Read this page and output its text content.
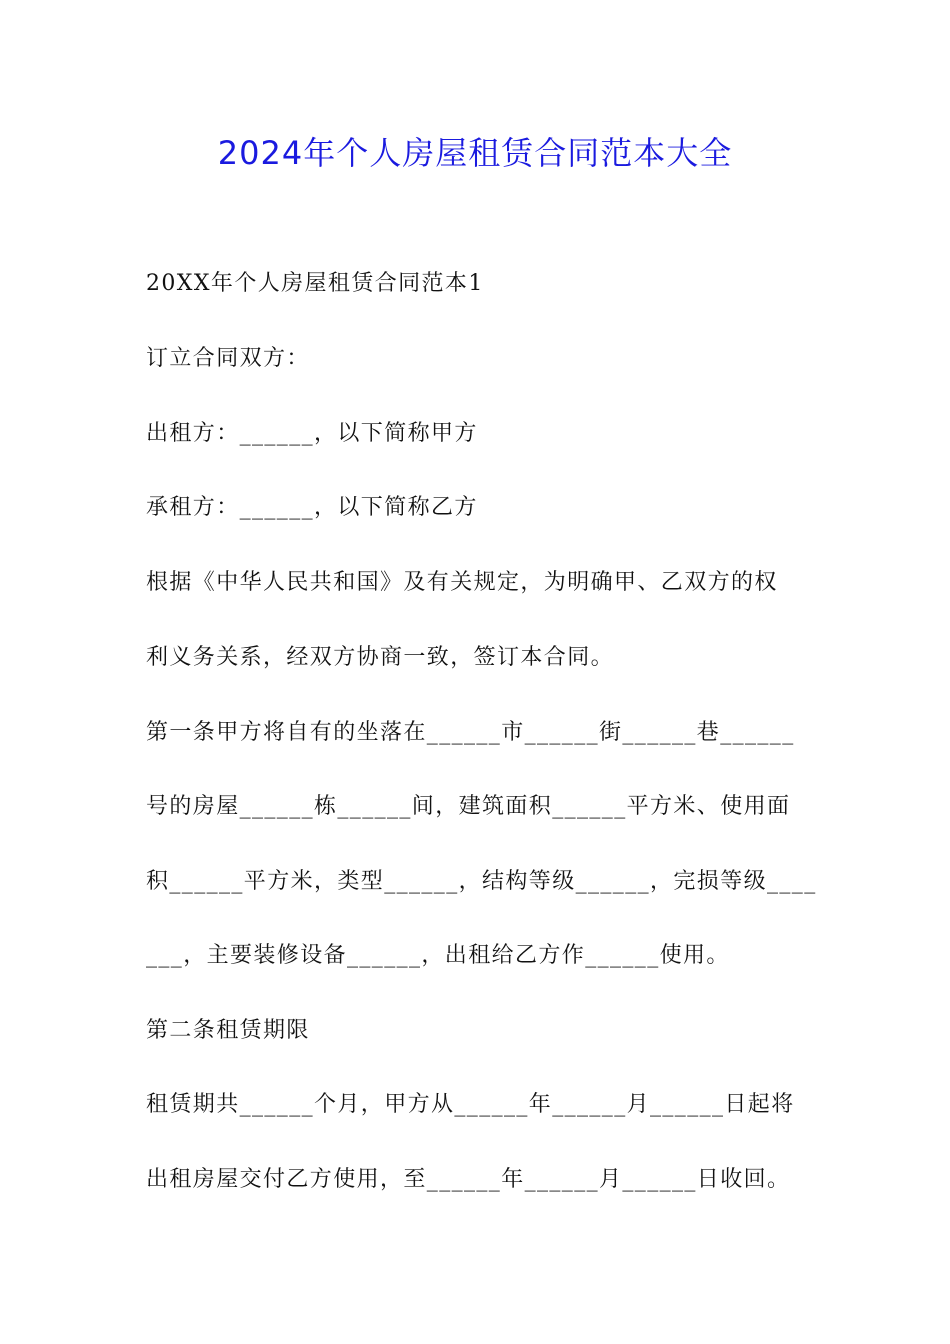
2024年个人房屋租赁合同范本大全
20XX年个人房屋租赁合同范本1
订立合同双方：
出租方：______，以下简称甲方
承租方：______，以下简称乙方
根据《中华人民共和国》及有关规定，为明确甲、乙双方的权
利义务关系，经双方协商一致，签订本合同。
第一条甲方将自有的坐落在______市______街______巷______
号的房屋______栋______间，建筑面积______平方米、使用面
积______平方米，类型______，结构等级______，完损等级____
___，主要装修设备______，出租给乙方作______使用。
第二条租赁期限
租赁期共______个月，甲方从______年______月______日起将
出租房屋交付乙方使用，至______年______月______日收回。
